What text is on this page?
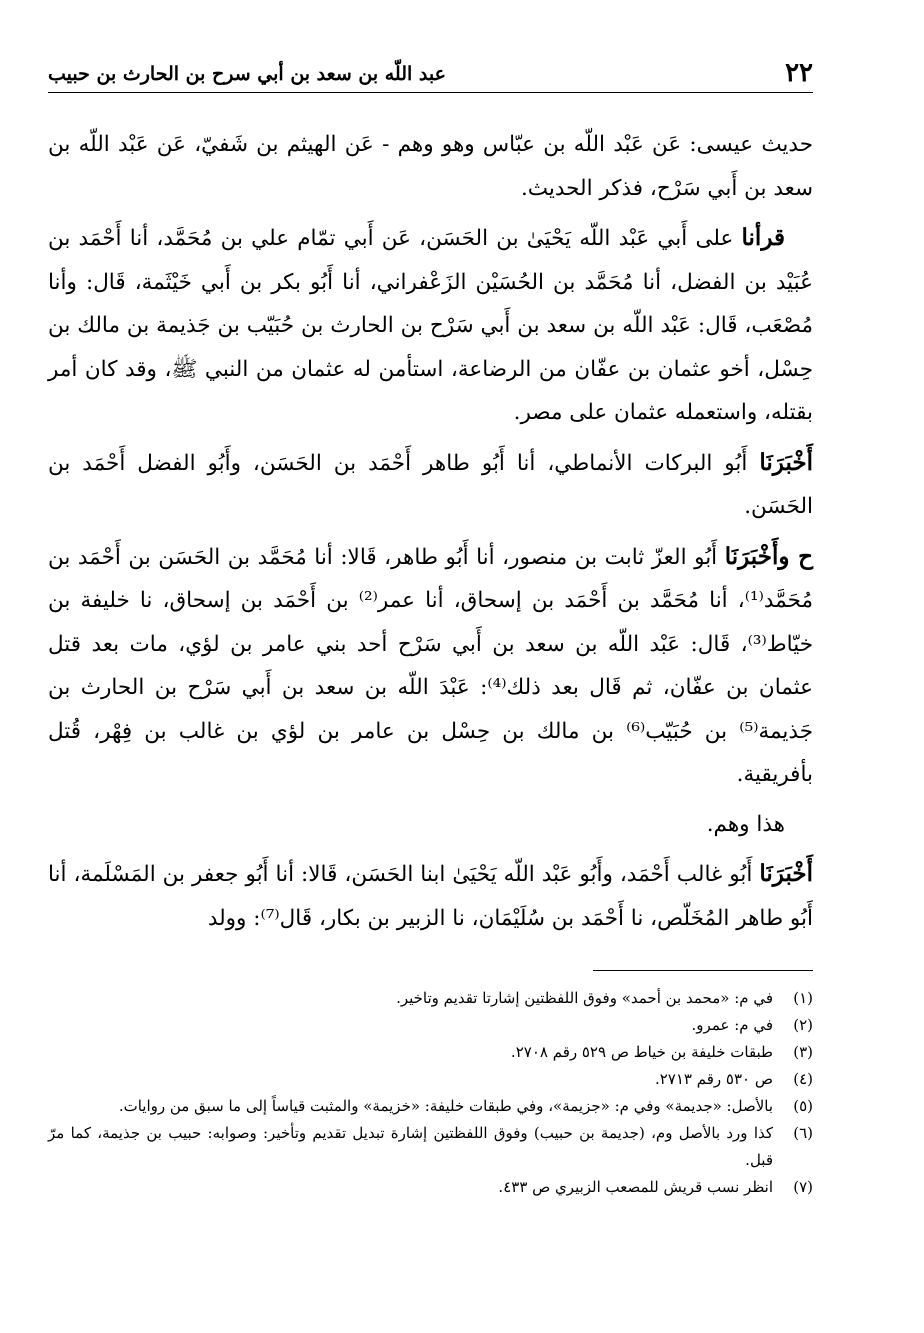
٢٢
عبد اللّه بن سعد بن أبي سرح بن الحارث بن حبيب

حديث عيسى: عَن عَبْد اللّه بن عبّاس وهو وهم - عَن الهيثم بن شَفيّ، عَن عَبْد اللّه بن سعد بن أَبي سَرْح، فذكر الحديث.

قرأنا على أَبي عَبْد اللّه يَحْيَىٰ بن الحَسَن، عَن أَبي تمّام علي بن مُحَمَّد، أنا أَحْمَد بن عُبَيْد بن الفضل، أنا مُحَمَّد بن الحُسَيْن الزَعْفراني، أنا أَبُو بكر بن أَبي خَيْثَمة، قَال: وأنا مُصْعَب، قَال: عَبْد اللّه بن سعد بن أَبي سَرْح بن الحارث بن حُبَيّب بن جَذيمة بن مالك بن حِسْل، أخو عثمان بن عفّان من الرضاعة، استأمن له عثمان من النبي ﷺ، وقد كان أمر بقتله، واستعمله عثمان على مصر.

أَخْبَرَنَا أَبُو البركات الأنماطي، أنا أَبُو طاهر أَحْمَد بن الحَسَن، وأَبُو الفضل أَحْمَد بن الحَسَن.

ح وأَخْبَرَنَا أَبُو العزّ ثابت بن منصور، أنا أَبُو طاهر، قَالا: أنا مُحَمَّد بن الحَسَن بن أَحْمَد بن مُحَمَّد⁽¹⁾، أنا مُحَمَّد بن أَحْمَد بن إسحاق، أنا عمر⁽²⁾ بن أَحْمَد بن إسحاق، نا خليفة بن خيّاط⁽³⁾، قَال: عَبْد اللّه بن سعد بن أَبي سَرْح أحد بني عامر بن لؤي، مات بعد قتل عثمان بن عفّان، ثم قَال بعد ذلك⁽⁴⁾: عَبْدَ اللّه بن سعد بن أَبي سَرْح بن الحارث بن جَذيمة⁽⁵⁾ بن حُبَيّب⁽⁶⁾ بن مالك بن حِسْل بن عامر بن لؤي بن غالب بن فِهْر، قُتل بأفريقية.

هذا وهم.

أَخْبَرَنَا أَبُو غالب أَحْمَد، وأَبُو عَبْد اللّه يَحْيَىٰ ابنا الحَسَن، قَالا: أنا أَبُو جعفر بن المَسْلَمة، أنا أَبُو طاهر المُخَلّص، نا أَحْمَد بن سُلَيْمَان، نا الزبير بن بكار، قَال⁽⁷⁾: وولد

(١)
في م: «محمد بن أحمد» وفوق اللفظتين إشارتا تقديم وتاخير.
(٢)
في م: عمرو.
(٣)
طبقات خليفة بن خياط ص ٥٢٩ رقم ٢٧٠٨.
(٤)
ص ٥٣٠ رقم ٢٧١٣.
(٥)
بالأصل: «جديمة» وفي م: «جزيمة»، وفي طبقات خليفة: «خزيمة» والمثبت قياساً إلى ما سبق من روايات.
(٦)
كذا ورد بالأصل وم، (جديمة بن حبيب) وفوق اللفظتين إشارة تبديل تقديم وتأخير: وصوابه: حبيب بن جذيمة، كما مرّ قبل.
(٧)
انظر نسب قريش للمصعب الزبيري ص ٤٣٣.
